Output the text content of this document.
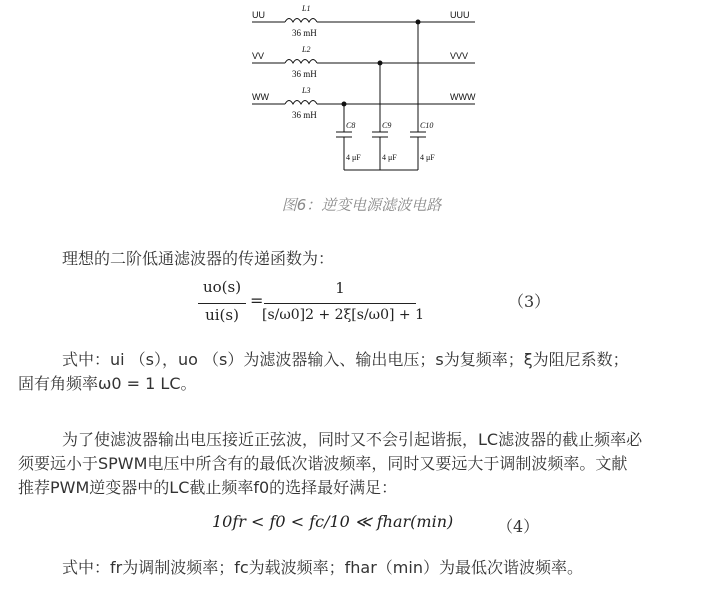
UU
VV
WW
UUU
VVV
WWW
L1
L2
L3
36 mH
36 mH
36 mH
C8	C9	C10
4 μF	4 μF	4 μF
图6：逆变电源滤波电路

理想的二阶低通滤波器的传递函数为：

uo(s)
ui(s)
=
1
[s/ω0]2 + 2ξ[s/ω0] + 1
（3）
式中：ui （s），uo （s）为滤波器输入、输出电压；s为复频率；ξ为阻尼系数；
固有角频率ω0 = 1 LC。
为了使滤波器输出电压接近正弦波，同时又不会引起谐振，LC滤波器的截止频率必
须要远小于SPWM电压中所含有的最低次谐波频率，同时又要远大于调制波频率。文献
推荐PWM逆变器中的LC截止频率f0的选择最好满足：
10fr < f0 < fc/10 ≪ fhar(min)	（4）
式中：fr为调制波频率；fc为载波频率；fhar（min）为最低次谐波频率。
